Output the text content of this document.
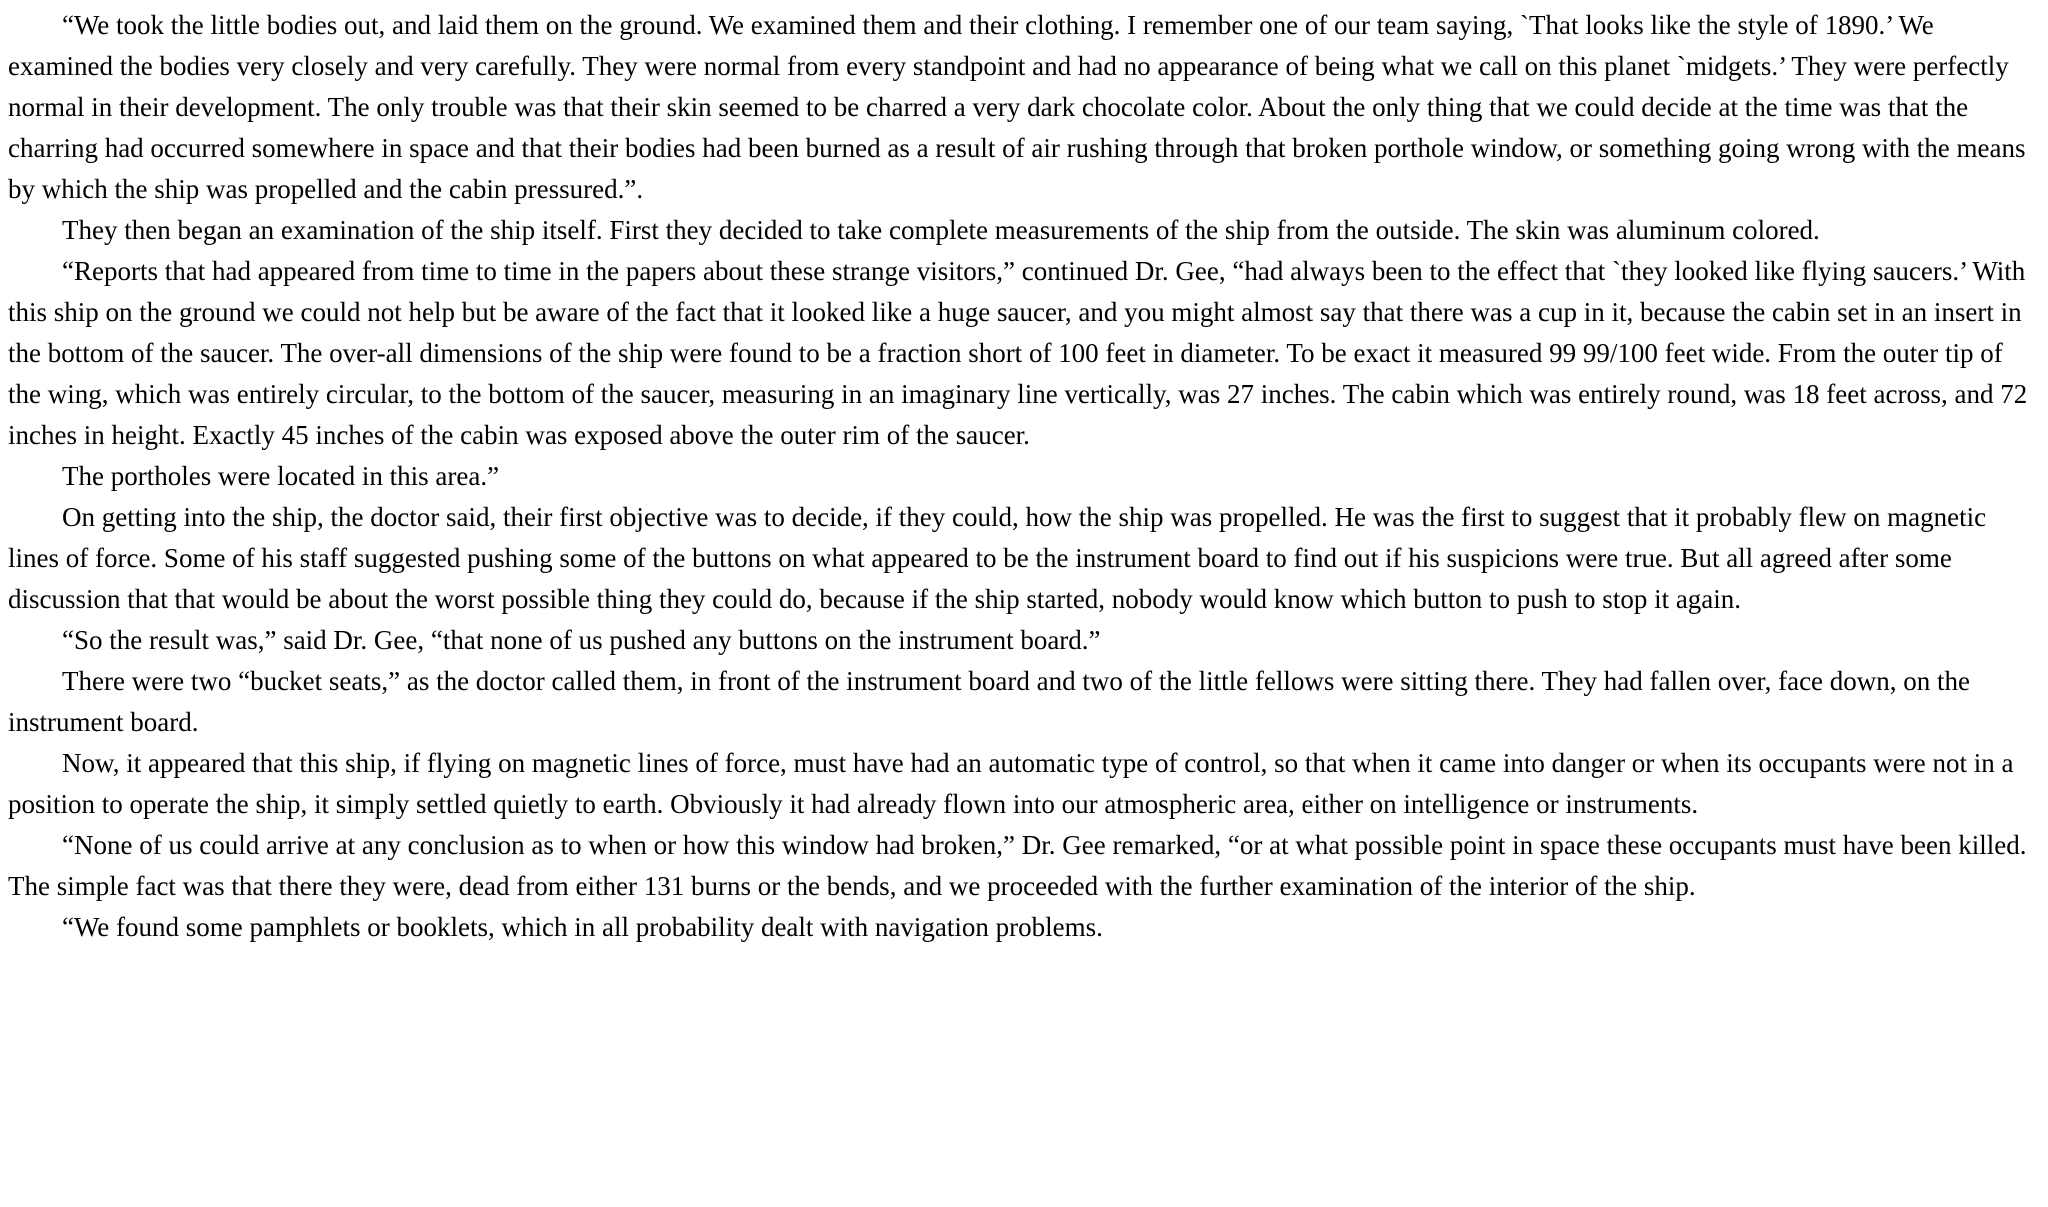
“We took the little bodies out, and laid them on the ground. We examined them and their clothing. I remember one of our team saying, `That looks like the style of 1890.’ We examined the bodies very closely and very carefully. They were normal from every standpoint and had no appearance of being what we call on this planet `midgets.’ They were perfectly normal in their development. The only trouble was that their skin seemed to be charred a very dark chocolate color. About the only thing that we could decide at the time was that the charring had occurred somewhere in space and that their bodies had been burned as a result of air rushing through that broken porthole window, or something going wrong with the means by which the ship was propelled and the cabin pressured.”.

They then began an examination of the ship itself. First they decided to take complete measurements of the ship from the outside. The skin was aluminum colored.

“Reports that had appeared from time to time in the papers about these strange visitors,” continued Dr. Gee, “had always been to the effect that `they looked like flying saucers.’ With this ship on the ground we could not help but be aware of the fact that it looked like a huge saucer, and you might almost say that there was a cup in it, because the cabin set in an insert in the bottom of the saucer. The over-all dimensions of the ship were found to be a fraction short of 100 feet in diameter. To be exact it measured 99 99/100 feet wide. From the outer tip of the wing, which was entirely circular, to the bottom of the saucer, measuring in an imaginary line vertically, was 27 inches. The cabin which was entirely round, was 18 feet across, and 72 inches in height. Exactly 45 inches of the cabin was exposed above the outer rim of the saucer.

The portholes were located in this area.”

On getting into the ship, the doctor said, their first objective was to decide, if they could, how the ship was propelled. He was the first to suggest that it probably flew on magnetic lines of force. Some of his staff suggested pushing some of the buttons on what appeared to be the instrument board to find out if his suspicions were true. But all agreed after some discussion that that would be about the worst possible thing they could do, because if the ship started, nobody would know which button to push to stop it again.

“So the result was,” said Dr. Gee, “that none of us pushed any buttons on the instrument board.”

There were two “bucket seats,” as the doctor called them, in front of the instrument board and two of the little fellows were sitting there. They had fallen over, face down, on the instrument board.

Now, it appeared that this ship, if flying on magnetic lines of force, must have had an automatic type of control, so that when it came into danger or when its occupants were not in a position to operate the ship, it simply settled quietly to earth. Obviously it had already flown into our atmospheric area, either on intelligence or instruments.

“None of us could arrive at any conclusion as to when or how this window had broken,” Dr. Gee remarked, “or at what possible point in space these occupants must have been killed. The simple fact was that there they were, dead from either 131 burns or the bends, and we proceeded with the further examination of the interior of the ship.

“We found some pamphlets or booklets, which in all probability dealt with navigation problems.
